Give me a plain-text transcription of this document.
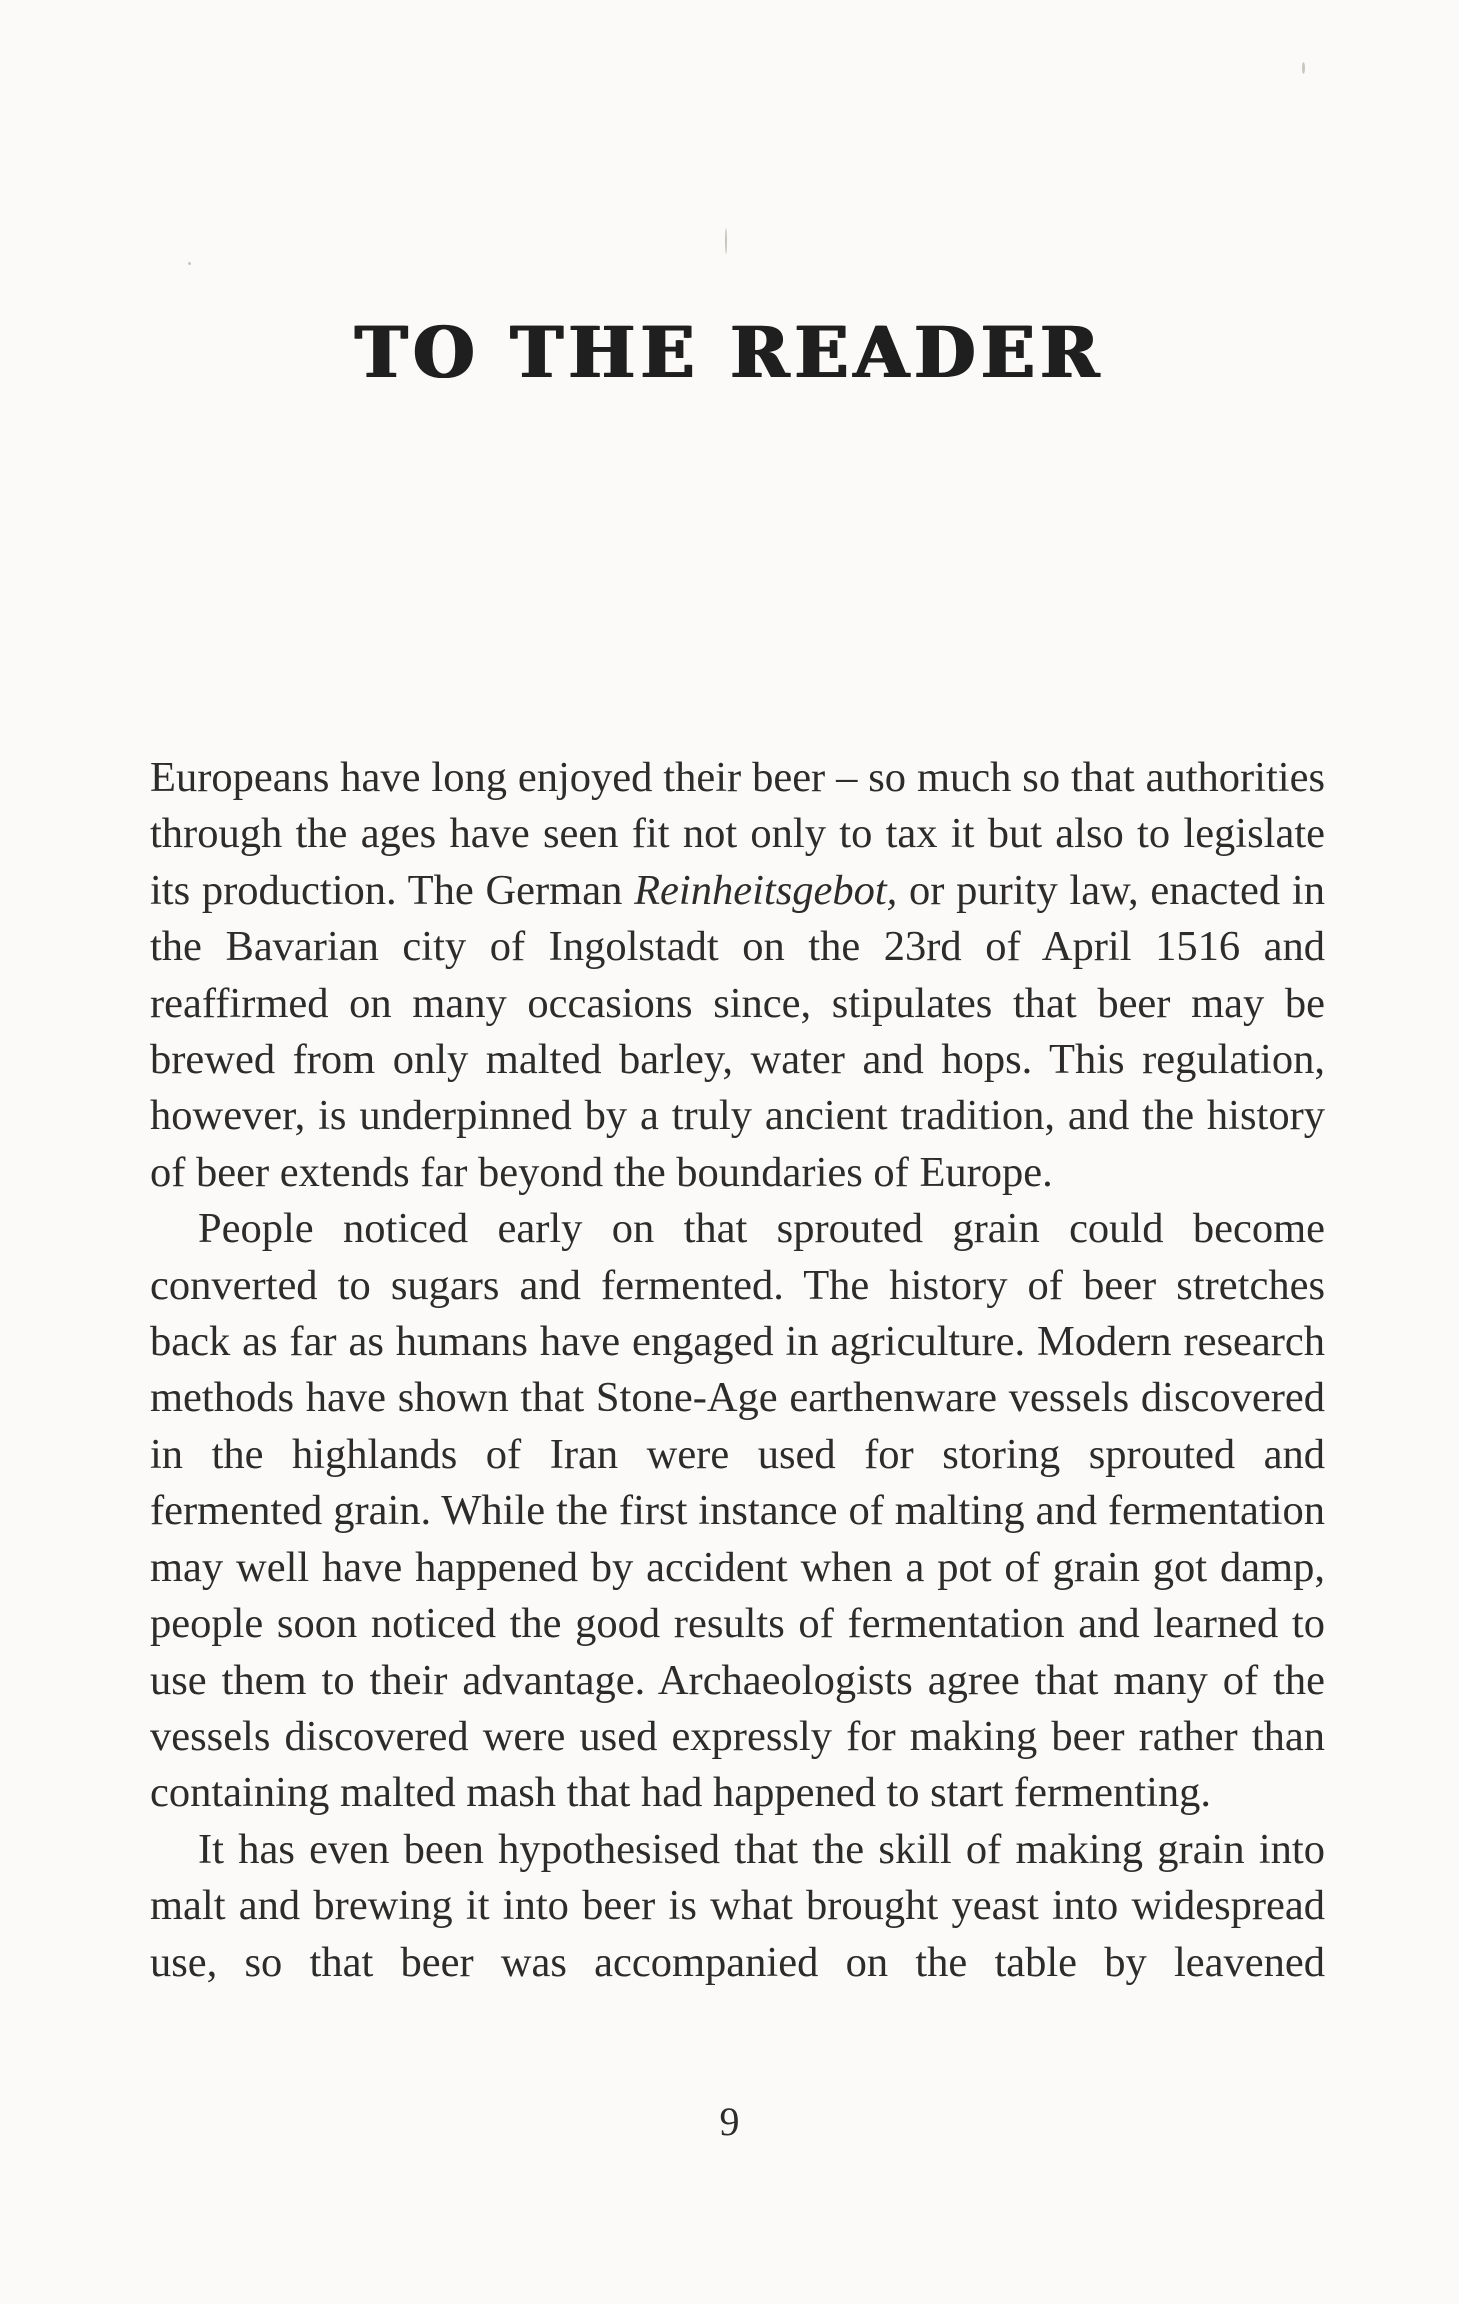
TO THE READER

Europeans have long enjoyed their beer – so much so that authorities through the ages have seen fit not only to tax it but also to legislate its production. The German Reinheitsgebot, or purity law, enacted in the Bavarian city of Ingolstadt on the 23rd of April 1516 and reaffirmed on many occasions since, stipulates that beer may be brewed from only malted barley, water and hops. This regulation, however, is underpinned by a truly ancient tradition, and the history of beer extends far beyond the boundaries of Europe.

People noticed early on that sprouted grain could become converted to sugars and fermented. The history of beer stretches back as far as humans have engaged in agriculture. Modern research methods have shown that Stone-Age earthenware vessels discovered in the highlands of Iran were used for storing sprouted and fermented grain. While the first instance of malting and fermentation may well have happened by accident when a pot of grain got damp, people soon noticed the good results of fermentation and learned to use them to their advantage. Archaeologists agree that many of the vessels discovered were used expressly for making beer rather than containing malted mash that had happened to start fermenting.

It has even been hypothesised that the skill of making grain into malt and brewing it into beer is what brought yeast into widespread use, so that beer was accompanied on the table by leavened

9
